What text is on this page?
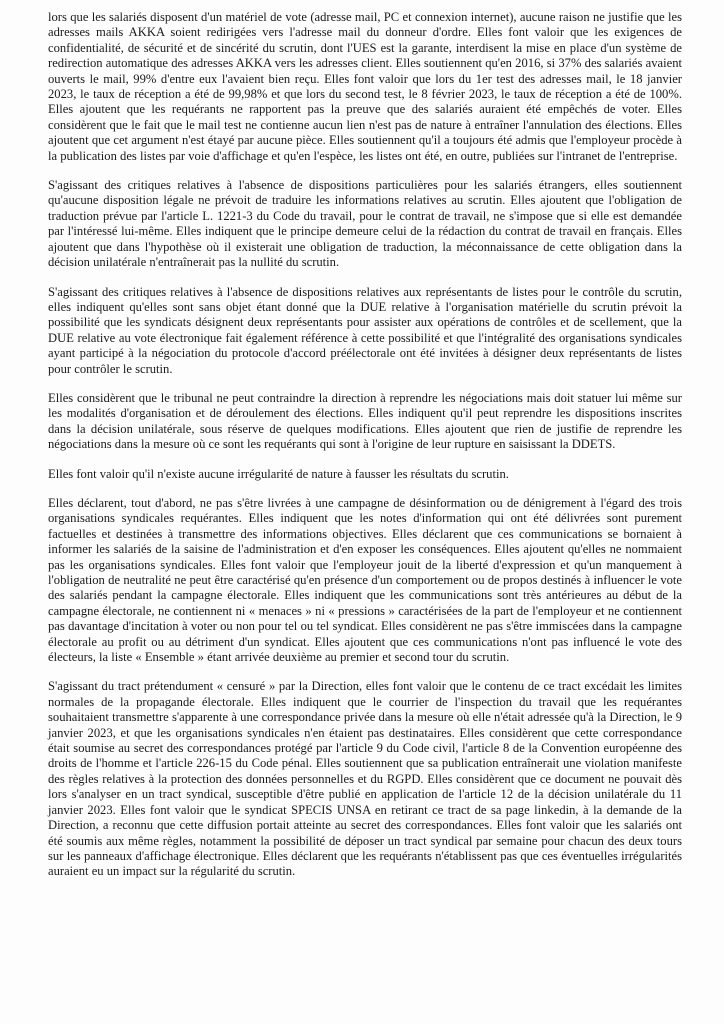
lors que les salariés disposent d'un matériel de vote (adresse mail, PC et connexion internet), aucune raison ne justifie que les adresses mails AKKA soient redirigées vers l'adresse mail du donneur d'ordre. Elles font valoir que les exigences de confidentialité, de sécurité et de sincérité du scrutin, dont l'UES est la garante, interdisent la mise en place d'un système de redirection automatique des adresses AKKA vers les adresses client. Elles soutiennent qu'en 2016, si 37% des salariés avaient ouverts le mail, 99% d'entre eux l'avaient bien reçu. Elles font valoir que lors du 1er test des adresses mail, le 18 janvier 2023, le taux de réception a été de 99,98% et que lors du second test, le 8 février 2023, le taux de réception a été de 100%. Elles ajoutent que les requérants ne rapportent pas la preuve que des salariés auraient été empêchés de voter. Elles considèrent que le fait que le mail test ne contienne aucun lien n'est pas de nature à entraîner l'annulation des élections. Elles ajoutent que cet argument n'est étayé par aucune pièce. Elles soutiennent qu'il a toujours été admis que l'employeur procède à la publication des listes par voie d'affichage et qu'en l'espèce, les listes ont été, en outre, publiées sur l'intranet de l'entreprise.

S'agissant des critiques relatives à l'absence de dispositions particulières pour les salariés étrangers, elles soutiennent qu'aucune disposition légale ne prévoit de traduire les informations relatives au scrutin. Elles ajoutent que l'obligation de traduction prévue par l'article L. 1221-3 du Code du travail, pour le contrat de travail, ne s'impose que si elle est demandée par l'intéressé lui-même. Elles indiquent que le principe demeure celui de la rédaction du contrat de travail en français. Elles ajoutent que dans l'hypothèse où il existerait une obligation de traduction, la méconnaissance de cette obligation dans la décision unilatérale n'entraînerait pas la nullité du scrutin.

S'agissant des critiques relatives à l'absence de dispositions relatives aux représentants de listes pour le contrôle du scrutin, elles indiquent qu'elles sont sans objet étant donné que la DUE relative à l'organisation matérielle du scrutin prévoit la possibilité que les syndicats désignent deux représentants pour assister aux opérations de contrôles et de scellement, que la DUE relative au vote électronique fait également référence à cette possibilité et que l'intégralité des organisations syndicales ayant participé à la négociation du protocole d'accord préélectorale ont été invitées à désigner deux représentants de listes pour contrôler le scrutin.

Elles considèrent que le tribunal ne peut contraindre la direction à reprendre les négociations mais doit statuer lui même sur les modalités d'organisation et de déroulement des élections. Elles indiquent qu'il peut reprendre les dispositions inscrites dans la décision unilatérale, sous réserve de quelques modifications. Elles ajoutent que rien de justifie de reprendre les négociations dans la mesure où ce sont les requérants qui sont à l'origine de leur rupture en saisissant la DDETS.

Elles font valoir qu'il n'existe aucune irrégularité de nature à fausser les résultats du scrutin.

Elles déclarent, tout d'abord, ne pas s'être livrées à une campagne de désinformation ou de dénigrement à l'égard des trois organisations syndicales requérantes. Elles indiquent que les notes d'information qui ont été délivrées sont purement factuelles et destinées à transmettre des informations objectives. Elles déclarent que ces communications se bornaient à informer les salariés de la saisine de l'administration et d'en exposer les conséquences. Elles ajoutent qu'elles ne nommaient pas les organisations syndicales. Elles font valoir que l'employeur jouit de la liberté d'expression et qu'un manquement à l'obligation de neutralité ne peut être caractérisé qu'en présence d'un comportement ou de propos destinés à influencer le vote des salariés pendant la campagne électorale. Elles indiquent que les communications sont très antérieures au début de la campagne électorale, ne contiennent ni « menaces » ni « pressions » caractérisées de la part de l'employeur et ne contiennent pas davantage d'incitation à voter ou non pour tel ou tel syndicat. Elles considèrent ne pas s'être immiscées dans la campagne électorale au profit ou au détriment d'un syndicat. Elles ajoutent que ces communications n'ont pas influencé le vote des électeurs, la liste « Ensemble » étant arrivée deuxième au premier et second tour du scrutin.

S'agissant du tract prétendument « censuré » par la Direction, elles font valoir que le contenu de ce tract excédait les limites normales de la propagande électorale. Elles indiquent que le courrier de l'inspection du travail que les requérantes souhaitaient transmettre s'apparente à une correspondance privée dans la mesure où elle n'était adressée qu'à la Direction, le 9 janvier 2023, et que les organisations syndicales n'en étaient pas destinataires. Elles considèrent que cette correspondance était soumise au secret des correspondances protégé par l'article 9 du Code civil, l'article 8 de la Convention européenne des droits de l'homme et l'article 226-15 du Code pénal. Elles soutiennent que sa publication entraînerait une violation manifeste des règles relatives à la protection des données personnelles et du RGPD. Elles considèrent que ce document ne pouvait dès lors s'analyser en un tract syndical, susceptible d'être publié en application de l'article 12 de la décision unilatérale du 11 janvier 2023. Elles font valoir que le syndicat SPECIS UNSA en retirant ce tract de sa page linkedin, à la demande de la Direction, a reconnu que cette diffusion portait atteinte au secret des correspondances. Elles font valoir que les salariés ont été soumis aux même règles, notamment la possibilité de déposer un tract syndical par semaine pour chacun des deux tours sur les panneaux d'affichage électronique. Elles déclarent que les requérants n'établissent pas que ces éventuelles irrégularités auraient eu un impact sur la régularité du scrutin.
